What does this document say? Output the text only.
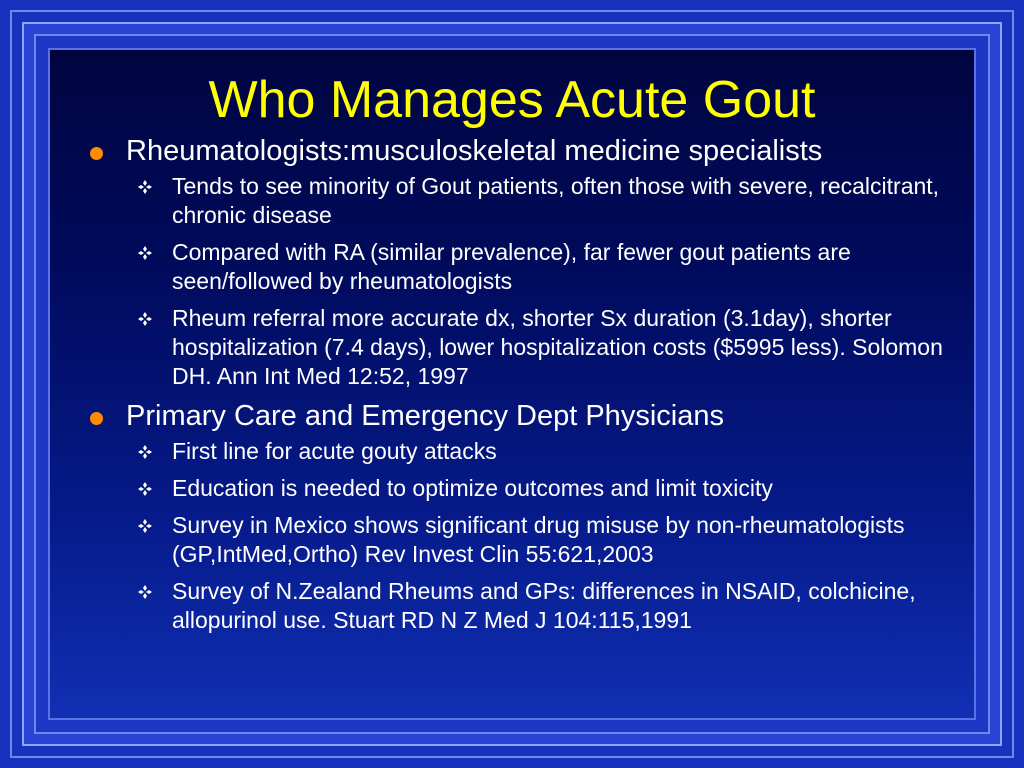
Who Manages Acute Gout
Rheumatologists:musculoskeletal medicine specialists
Tends to see minority of Gout patients, often those with severe, recalcitrant, chronic disease
Compared with RA (similar prevalence), far fewer gout patients are seen/followed by rheumatologists
Rheum referral more accurate dx, shorter Sx duration (3.1day), shorter hospitalization (7.4 days), lower hospitalization costs ($5995 less). Solomon DH. Ann Int Med 12:52, 1997
Primary Care and Emergency Dept Physicians
First line for acute gouty attacks
Education is needed to optimize outcomes and limit toxicity
Survey in Mexico shows significant drug misuse by non-rheumatologists (GP,IntMed,Ortho) Rev Invest Clin 55:621,2003
Survey of N.Zealand Rheums and GPs: differences in NSAID, colchicine, allopurinol use. Stuart RD N Z Med J 104:115,1991
